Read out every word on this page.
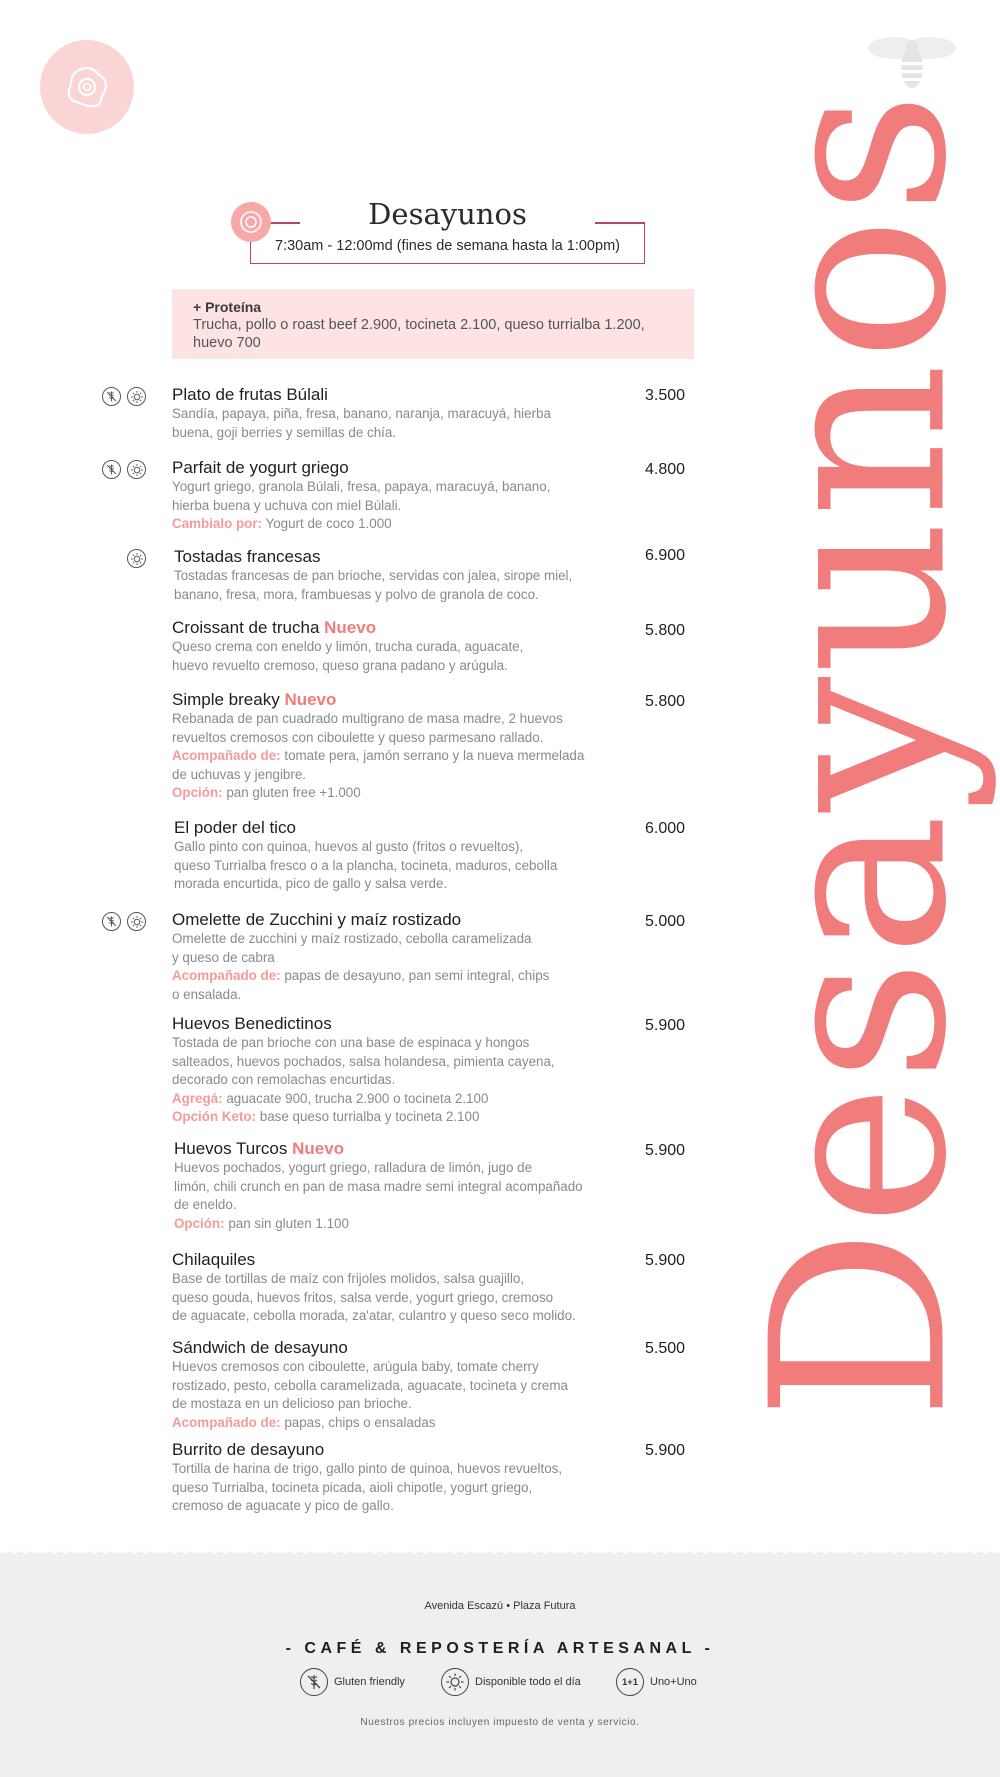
Desayunos
Desayunos
7:30am - 12:00md (fines de semana hasta la 1:00pm)
+ Proteína
Trucha, pollo o roast beef 2.900, tocineta 2.100, queso turrialba 1.200, huevo 700
Plato de frutas Búlali
Sandía, papaya, piña, fresa, banano, naranja, maracuyá, hierba
buena, goji berries y semillas de chía.
3.500
Parfait de yogurt griego
Yogurt griego, granola Búlali, fresa, papaya, maracuyá, banano,
hierba buena y uchuva con miel Búlali.
Cambialo por: Yogurt de coco 1.000
4.800
Tostadas francesas
Tostadas francesas de pan brioche, servidas con jalea, sirope miel,
banano, fresa, mora, frambuesas y polvo de granola de coco.
6.900
Croissant de trucha Nuevo
Queso crema con eneldo y limón, trucha curada, aguacate,
huevo revuelto cremoso, queso grana padano y arúgula.
5.800
Simple breaky Nuevo
Rebanada de pan cuadrado multigrano de masa madre, 2 huevos
revueltos cremosos con ciboulette y queso parmesano rallado.
Acompañado de: tomate pera, jamón serrano y la nueva mermelada
de uchuvas y jengibre.
Opción: pan gluten free +1.000
5.800
El poder del tico
Gallo pinto con quinoa, huevos al gusto (fritos o revueltos),
queso Turrialba fresco o a la plancha, tocineta, maduros, cebolla
morada encurtida, pico de gallo y salsa verde.
6.000
Omelette de Zucchini y maíz rostizado
Omelette de zucchini y maíz rostizado, cebolla caramelizada
y queso de cabra
Acompañado de: papas de desayuno, pan semi integral, chips
o ensalada.
5.000
Huevos Benedictinos
Tostada de pan brioche con una base de espinaca y hongos
salteados, huevos pochados, salsa holandesa, pimienta cayena,
decorado con remolachas encurtidas.
Agregá: aguacate 900, trucha 2.900 o tocineta 2.100
Opción Keto: base queso turrialba y tocineta 2.100
5.900
Huevos Turcos Nuevo
Huevos pochados, yogurt griego, ralladura de limón, jugo de
limón, chili crunch en pan de masa madre semi integral acompañado
de eneldo.
Opción: pan sin gluten 1.100
5.900
Chilaquiles
Base de tortillas de maíz con frijoles molidos, salsa guajillo,
queso gouda, huevos fritos, salsa verde, yogurt griego, cremoso
de aguacate, cebolla morada, za'atar, culantro y queso seco molido.
5.900
Sándwich de desayuno
Huevos cremosos con ciboulette, arúgula baby, tomate cherry
rostizado, pesto, cebolla caramelizada, aguacate, tocineta y crema
de mostaza en un delicioso pan brioche.
Acompañado de: papas, chips o ensaladas
5.500
Burrito de desayuno
Tortilla de harina de trigo, gallo pinto de quinoa, huevos revueltos,
queso Turrialba, tocineta picada, aioli chipotle, yogurt griego,
cremoso de aguacate y pico de gallo.
5.900
Avenida Escazú • Plaza Futura
- CAFÉ & REPOSTERÍA ARTESANAL -
Gluten friendly	Disponible todo el día	1+1	Uno+Uno
Nuestros precios incluyen impuesto de venta y servicio.
